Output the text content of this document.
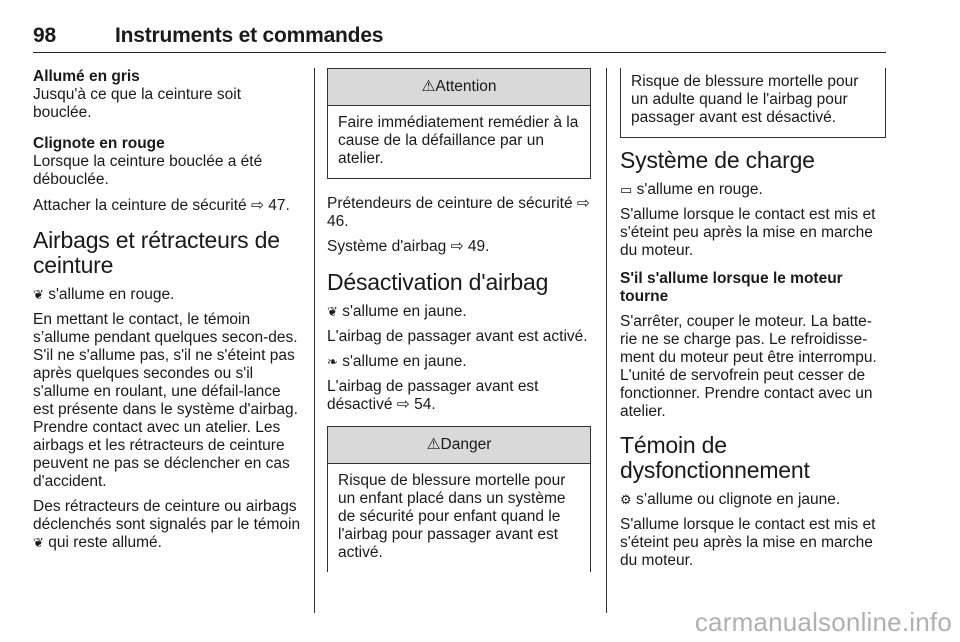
98	Instruments et commandes

Allumé en gris

Jusqu'à ce que la ceinture soit bouclée.

Clignote en rouge

Lorsque la ceinture bouclée a été débouclée.

Attacher la ceinture de sécurité ⇨ 47.

Airbags et rétracteurs de ceinture

❦ s'allume en rouge.

En mettant le contact, le témoin s’allume pendant quelques secon-des. S'il ne s'allume pas, s'il ne s'éteint pas après quelques secondes ou s'il s'allume en roulant, une défail-lance est présente dans le système d'airbag. Prendre contact avec un atelier. Les airbags et les rétracteurs de ceinture peuvent ne pas se déclencher en cas d'accident.

Des rétracteurs de ceinture ou airbags déclenchés sont signalés par le témoin ❦ qui reste allumé.

⚠Attention
Faire immédiatement remédier à la cause de la défaillance par un atelier.

Prétendeurs de ceinture de sécurité ⇨ 46.

Système d'airbag ⇨ 49.

Désactivation d'airbag

❦ s'allume en jaune.

L'airbag de passager avant est activé.

❧ s'allume en jaune.

L'airbag de passager avant est désactivé ⇨ 54.

⚠Danger
Risque de blessure mortelle pour un enfant placé dans un système de sécurité pour enfant quand le l'airbag pour passager avant est activé.
Risque de blessure mortelle pour un adulte quand le l'airbag pour passager avant est désactivé.
Système de charge

▭ s'allume en rouge.

S'allume lorsque le contact est mis et s'éteint peu après la mise en marche du moteur.

S'il s'allume lorsque le moteur tourne

S'arrêter, couper le moteur. La batte-rie ne se charge pas. Le refroidisse-ment du moteur peut être interrompu. L'unité de servofrein peut cesser de fonctionner. Prendre contact avec un atelier.

Témoin de dysfonctionnement

⚙ s’allume ou clignote en jaune.

S'allume lorsque le contact est mis et s'éteint peu après la mise en marche du moteur.

carmanualsonline.info
